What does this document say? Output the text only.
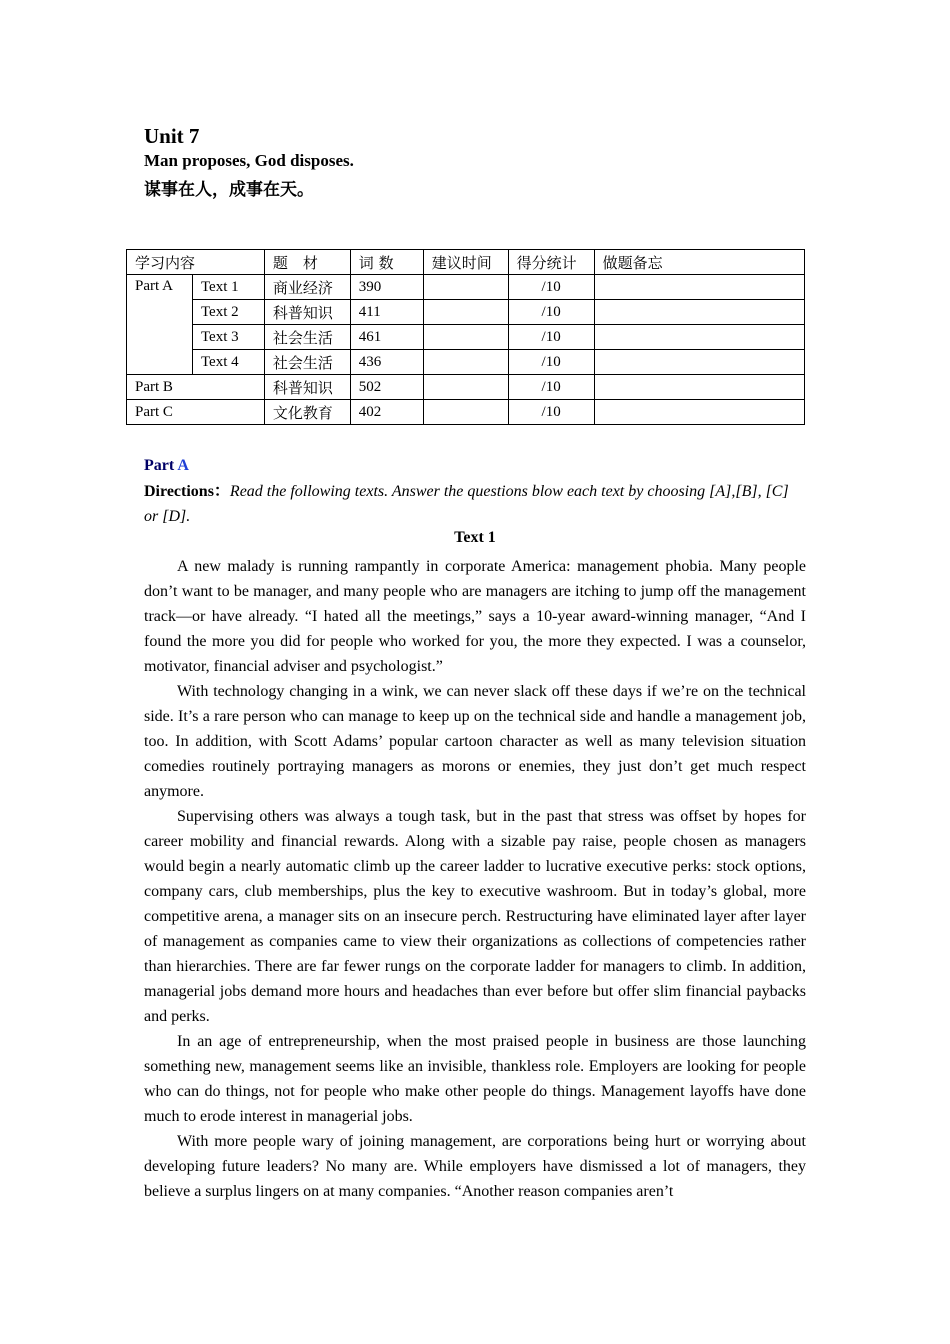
Unit 7
Man proposes, God disposes.
谋事在人，成事在天。
学习内容		题　材	词 数	建议时间	得分统计	做题备忘
Part A	Text 1	商业经济	390		/10	
	Text 2	科普知识	411		/10	
	Text 3	社会生活	461		/10	
	Text 4	社会生活	436		/10	
Part B		科普知识	502		/10	
Part C		文化教育	402		/10	
Part A
Directions：Read the following texts. Answer the questions blow each text by choosing [A],[B], [C] or [D].
Text 1

A new malady is running rampantly in corporate America: management phobia. Many people don’t want to be manager, and many people who are managers are itching to jump off the management track—or have already. “I hated all the meetings,” says a 10-year award-winning manager, “And I found the more you did for people who worked for you, the more they expected. I was a counselor, motivator, financial adviser and psychologist.”

With technology changing in a wink, we can never slack off these days if we’re on the technical side. It’s a rare person who can manage to keep up on the technical side and handle a management job, too. In addition, with Scott Adams’ popular cartoon character as well as many television situation comedies routinely portraying managers as morons or enemies, they just don’t get much respect anymore.

Supervising others was always a tough task, but in the past that stress was offset by hopes for career mobility and financial rewards. Along with a sizable pay raise, people chosen as managers would begin a nearly automatic climb up the career ladder to lucrative executive perks: stock options, company cars, club memberships, plus the key to executive washroom. But in today’s global, more competitive arena, a manager sits on an insecure perch. Restructuring have eliminated layer after layer of management as companies came to view their organizations as collections of competencies rather than hierarchies. There are far fewer rungs on the corporate ladder for managers to climb. In addition, managerial jobs demand more hours and headaches than ever before but offer slim financial paybacks and perks.

In an age of entrepreneurship, when the most praised people in business are those launching something new, management seems like an invisible, thankless role. Employers are looking for people who can do things, not for people who make other people do things. Management layoffs have done much to erode interest in managerial jobs.

With more people wary of joining management, are corporations being hurt or worrying about developing future leaders? No many are. While employers have dismissed a lot of managers, they believe a surplus lingers on at many companies. “Another reason companies aren’t
